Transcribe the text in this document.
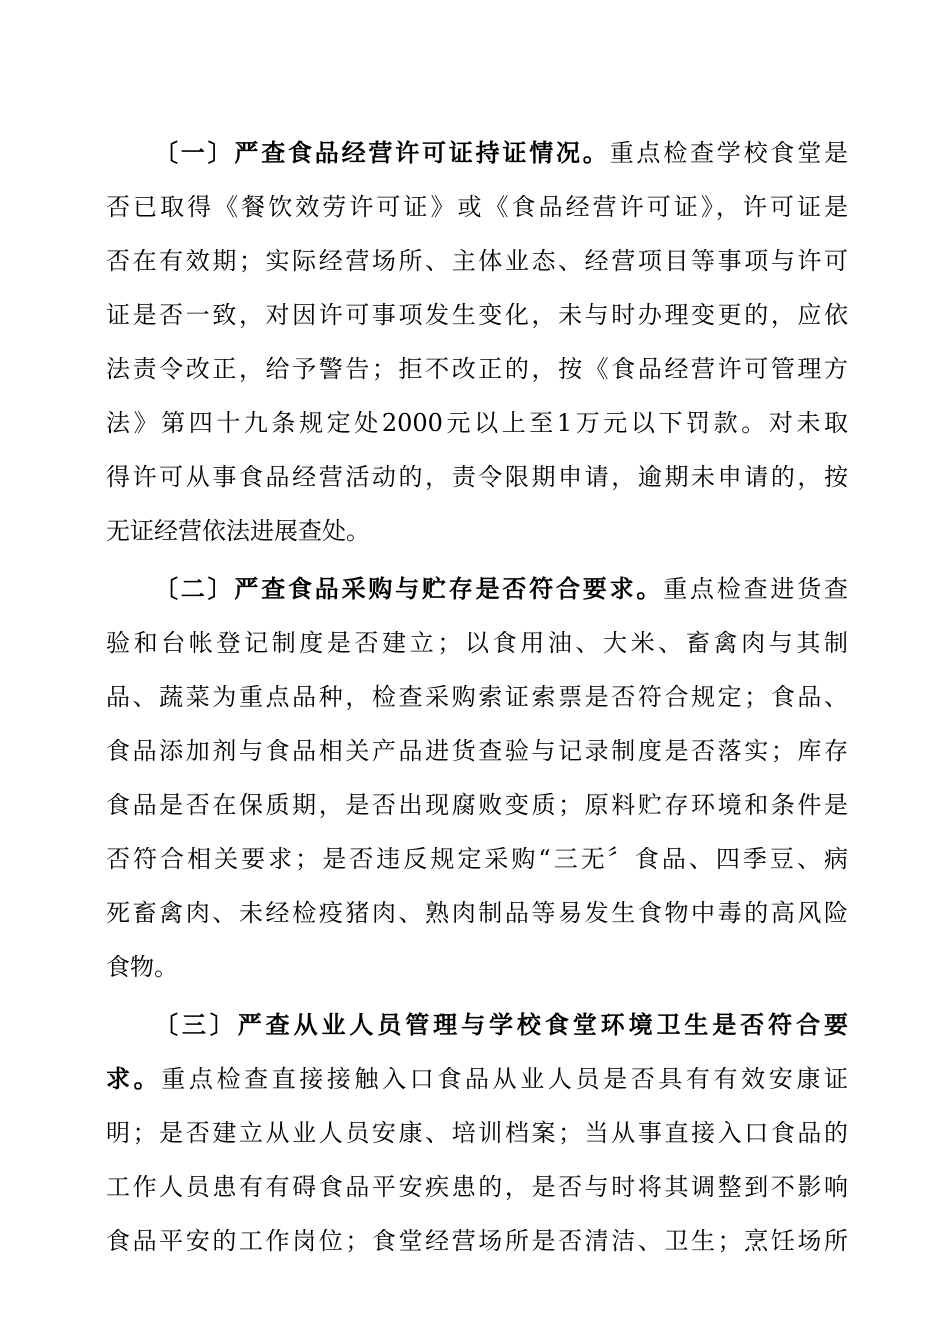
〔一〕严查食品经营许可证持证情况。重点检查学校食堂是
否已取得《餐饮效劳许可证》或《食品经营许可证》，许可证是
否在有效期；实际经营场所、主体业态、经营项目等事项与许可
证是否一致，对因许可事项发生变化，未与时办理变更的，应依
法责令改正，给予警告；拒不改正的，按《食品经营许可管理方
法》第四十九条规定处2000元以上至1万元以下罚款。对未取
得许可从事食品经营活动的，责令限期申请，逾期未申请的，按
无证经营依法进展查处。
〔二〕严查食品采购与贮存是否符合要求。重点检查进货查
验和台帐登记制度是否建立；以食用油、大米、畜禽肉与其制
品、蔬菜为重点品种，检查采购索证索票是否符合规定；食品、
食品添加剂与食品相关产品进货查验与记录制度是否落实；库存
食品是否在保质期，是否出现腐败变质；原料贮存环境和条件是
否符合相关要求；是否违反规定采购“三无〞食品、四季豆、病
死畜禽肉、未经检疫猪肉、熟肉制品等易发生食物中毒的高风险
食物。
〔三〕严查从业人员管理与学校食堂环境卫生是否符合要
求。重点检查直接接触入口食品从业人员是否具有有效安康证
明；是否建立从业人员安康、培训档案；当从事直接入口食品的
工作人员患有有碍食品平安疾患的，是否与时将其调整到不影响
食品平安的工作岗位；食堂经营场所是否清洁、卫生；烹饪场所
